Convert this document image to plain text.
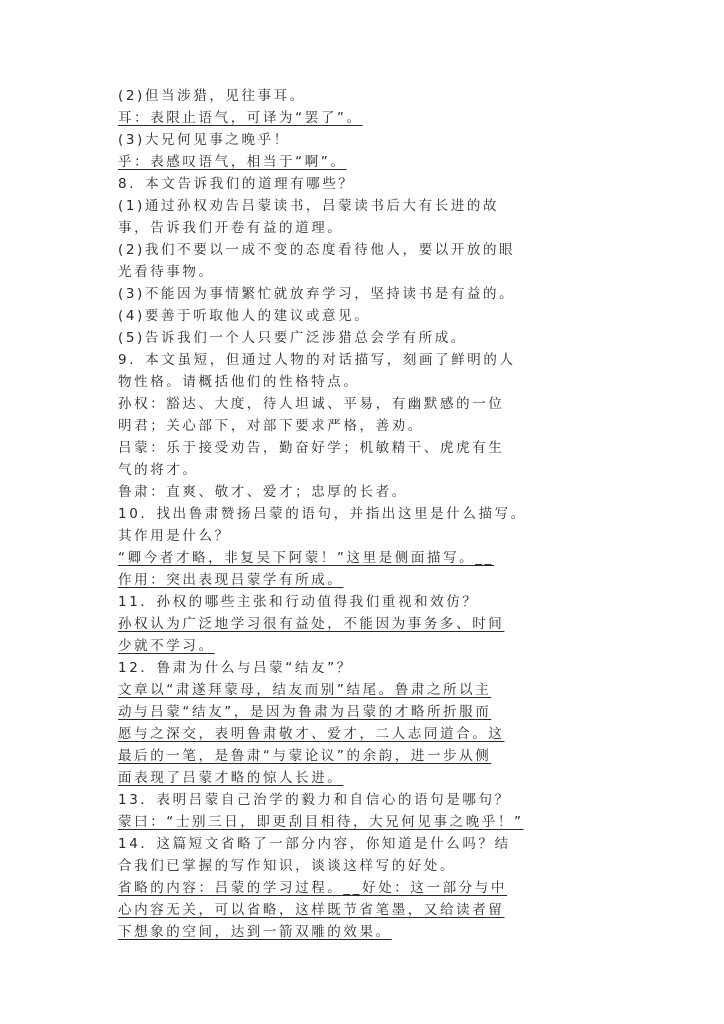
(2)但当涉猎，见往事耳。
耳：表限止语气，可译为“罢了”。
(3)大兄何见事之晚乎！
乎：表感叹语气，相当于“啊”。
8．本文告诉我们的道理有哪些？
(1)通过孙权劝告吕蒙读书，吕蒙读书后大有长进的故
事，告诉我们开卷有益的道理。
(2)我们不要以一成不变的态度看待他人，要以开放的眼
光看待事物。
(3)不能因为事情繁忙就放弃学习，坚持读书是有益的。
(4)要善于听取他人的建议或意见。
(5)告诉我们一个人只要广泛涉猎总会学有所成。
9．本文虽短，但通过人物的对话描写，刻画了鲜明的人
物性格。请概括他们的性格特点。
孙权：豁达、大度，待人坦诚、平易，有幽默感的一位
明君；关心部下，对部下要求严格，善劝。
吕蒙：乐于接受劝告，勤奋好学；机敏精干、虎虎有生
气的将才。
鲁肃：直爽、敬才、爱才；忠厚的长者。
10．找出鲁肃赞扬吕蒙的语句，并指出这里是什么描写。
其作用是什么？
“卿今者才略，非复吴下阿蒙！”这里是侧面描写。__
作用：突出表现吕蒙学有所成。
11．孙权的哪些主张和行动值得我们重视和效仿？
孙权认为广泛地学习很有益处，不能因为事务多、时间
少就不学习。
12．鲁肃为什么与吕蒙“结友”？
文章以“肃遂拜蒙母，结友而别”结尾。鲁肃之所以主
动与吕蒙“结友”，是因为鲁肃为吕蒙的才略所折服而
愿与之深交，表明鲁肃敬才、爱才，二人志同道合。这
最后的一笔，是鲁肃“与蒙论议”的余韵，进一步从侧
面表现了吕蒙才略的惊人长进。
13．表明吕蒙自己治学的毅力和自信心的语句是哪句？
蒙曰：“士别三日，即更刮目相待，大兄何见事之晚乎！”
14．这篇短文省略了一部分内容，你知道是什么吗？结
合我们已掌握的写作知识，谈谈这样写的好处。
省略的内容：吕蒙的学习过程。__好处：这一部分与中
心内容无关，可以省略，这样既节省笔墨，又给读者留
下想象的空间，达到一箭双雕的效果。
